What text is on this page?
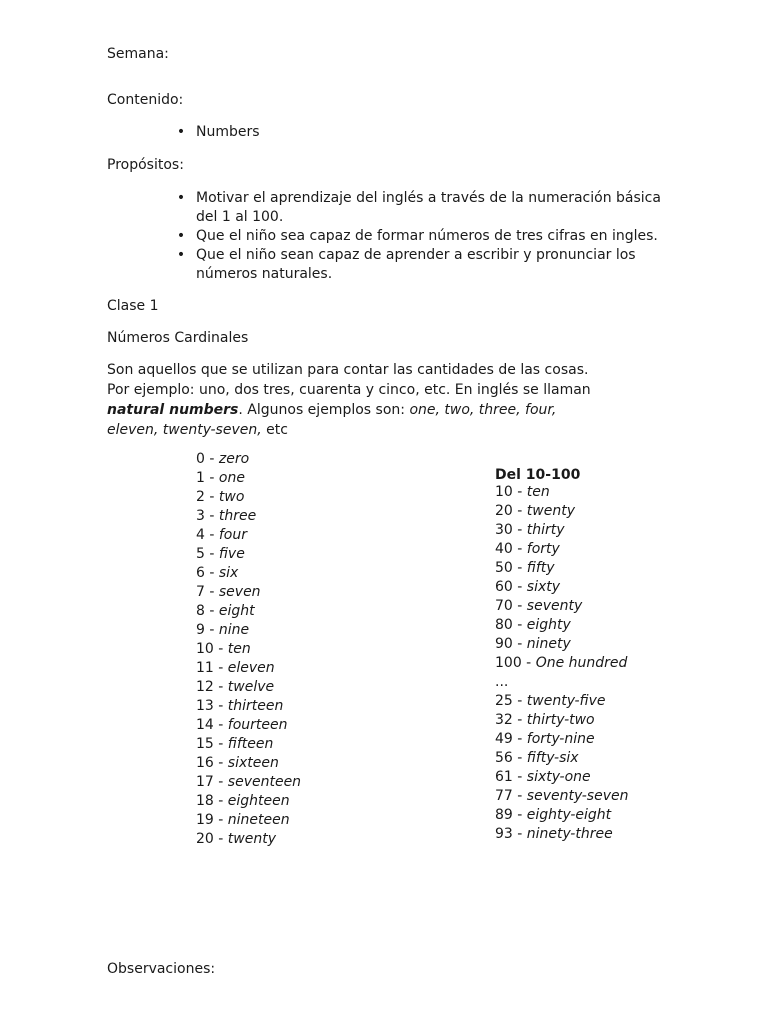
Semana:
Contenido:
• Numbers
Propósitos:
• Motivar el aprendizaje del inglés a través de la numeración básica del 1 al 100.
• Que el niño sea capaz de formar números de tres cifras en ingles.
• Que el niño sean capaz de aprender a escribir y pronunciar los números naturales.
Clase 1
Números Cardinales
Son aquellos que se utilizan para contar las cantidades de las cosas. Por ejemplo: uno, dos tres, cuarenta y cinco, etc. En inglés se llaman natural numbers. Algunos ejemplos son: one, two, three, four, eleven, twenty-seven, etc
0 - zero
1 - one
2 - two
3 - three
4 - four
5 - five
6 - six
7 - seven
8 - eight
9 - nine
10 - ten
11 - eleven
12 - twelve
13 - thirteen
14 - fourteen
15 - fifteen
16 - sixteen
17 - seventeen
18 - eighteen
19 - nineteen
20 - twenty
Del 10-100
10 - ten
20 - twenty
30 - thirty
40 - forty
50 - fifty
60 - sixty
70 - seventy
80 - eighty
90 - ninety
100 - One hundred
...
25 - twenty-five
32 - thirty-two
49 - forty-nine
56 - fifty-six
61 - sixty-one
77 - seventy-seven
89 - eighty-eight
93 - ninety-three
Observaciones:
